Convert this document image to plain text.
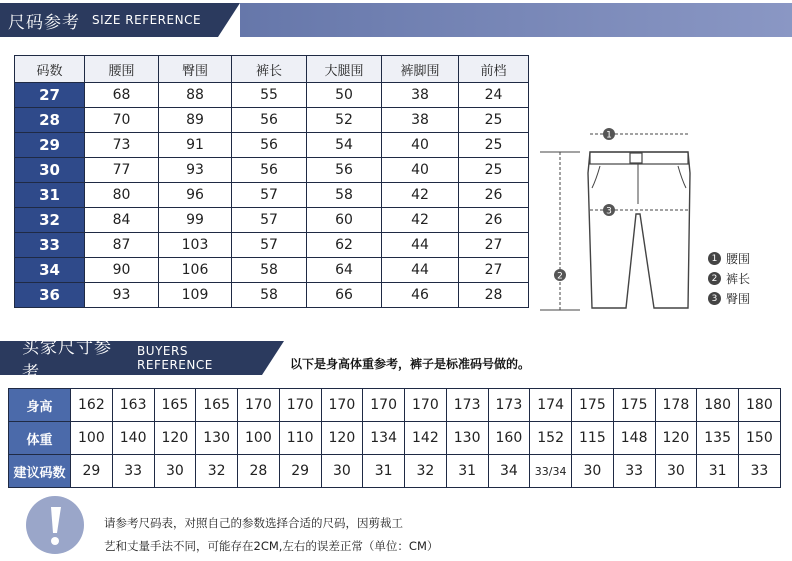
尺码参考 SIZE REFERENCE
码数	腰围	臀围	裤长	大腿围	裤脚围	前档
27	68	88	55	50	38	24
28	70	89	56	52	38	25
29	73	91	56	54	40	25
30	77	93	56	56	40	25
31	80	96	57	58	42	26
32	84	99	57	60	42	26
33	87	103	57	62	44	27
34	90	106	58	64	44	27
36	93	109	58	66	46	28
1
3
2
1 腰围
2 裤长
3 臀围
买家尺寸参考
BUYERS REFERENCE	以下是身高体重参考，裤子是标准码号做的。
身高	162	163	165	165	170	170	170	170	170	173	173	174	175	175	178	180	180
体重	100	140	120	130	100	110	120	134	142	130	160	152	115	148	120	135	150
建议码数	29	33	30	32	28	29	30	31	32	31	34	33/34	30	33	30	31	33
请参考尺码表，对照自己的参数选择合适的尺码，因剪裁工
艺和丈量手法不同，可能存在2CM,左右的误差正常（单位：CM）
